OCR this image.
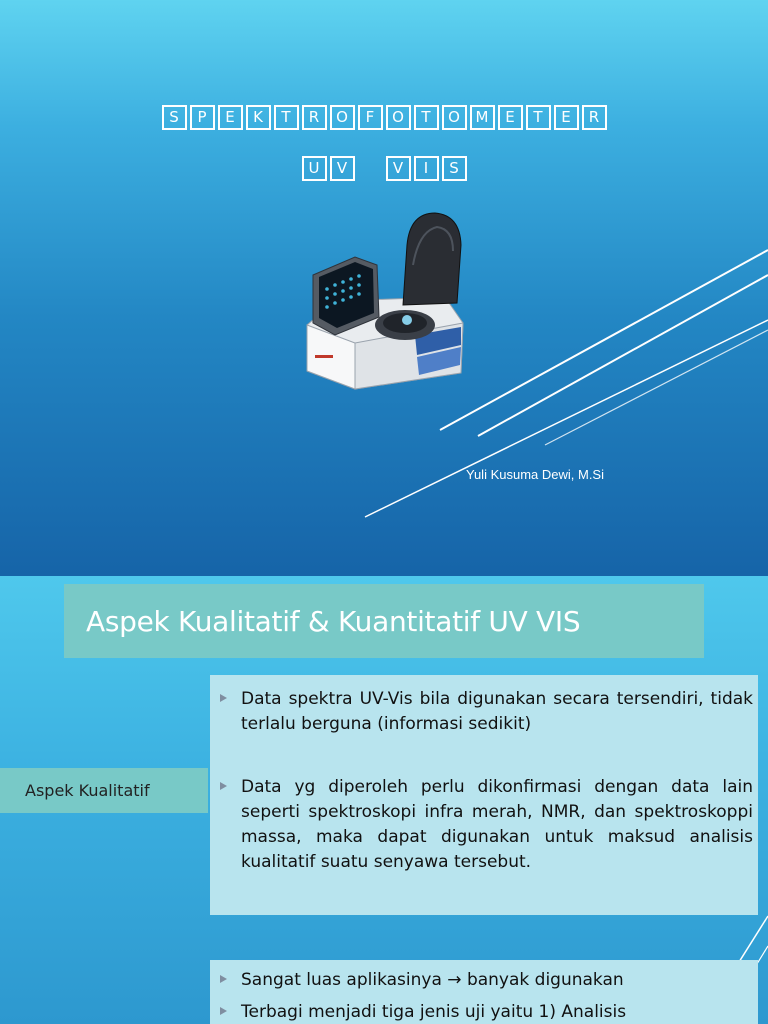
S	P	E	K	T	R	O	F	O	T	O	M	E	T	E	R
U	V	V	I	S
Yuli Kusuma Dewi, M.Si
Aspek Kualitatif & Kuantitatif UV VIS
Aspek Kualitatif
Data spektra UV-Vis bila digunakan secara tersendiri, tidak terlalu berguna (informasi sedikit)
Data yg diperoleh perlu dikonfirmasi dengan data lain seperti spektroskopi infra merah, NMR, dan spektroskoppi massa, maka dapat digunakan untuk maksud analisis kualitatif suatu senyawa tersebut.
Sangat luas aplikasinya → banyak digunakan
Terbagi menjadi tiga jenis uji yaitu 1) Analisis
